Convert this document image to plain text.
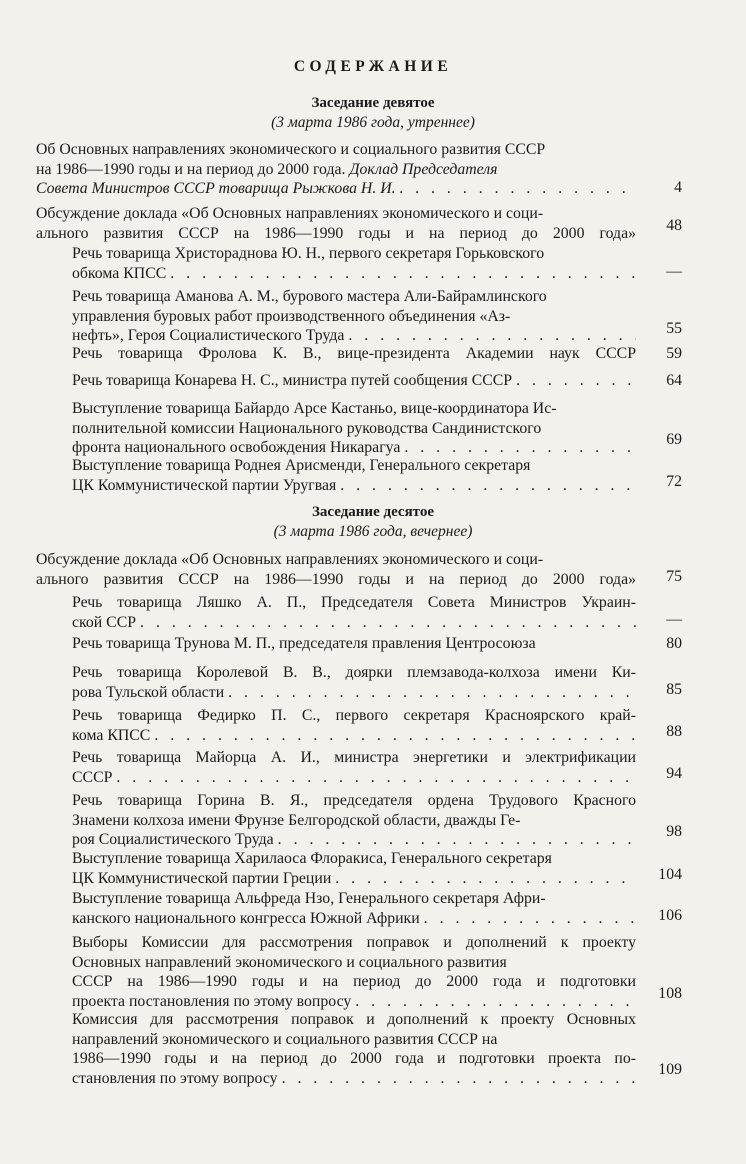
СОДЕРЖАНИЕ
Заседание девятое
(3 марта 1986 года, утреннее)
Об Основных направлениях экономического и социального развития СССР
на 1986—1990 годы и на период до 2000 года. Доклад Председателя
Совета Министров СССР товарища Рыжкова Н. И. . . .	4
Обсуждение доклада «Об Основных направлениях экономического и соци-
ального развития СССР на 1986—1990 годы и на период до 2000 года»	48
Речь товарища Христораднова Ю. Н., первого секретаря Горьковского
обкома КПСС . . .	—
Речь товарища Аманова А. М., бурового мастера Али-Байрамлинского
управления буровых работ производственного объединения «Аз-
нефть», Героя Социалистического Труда . . .	55
Речь товарища Фролова К. В., вице-президента Академии наук СССР	59
Речь товарища Конарева Н. С., министра путей сообщения СССР . . .	64
Выступление товарища Байардо Арсе Кастаньо, вице-координатора Ис-
полнительной комиссии Национального руководства Сандинистского
фронта национального освобождения Никарагуа . . .	69
Выступление товарища Роднея Арисменди, Генерального секретаря
ЦК Коммунистической партии Уругвая . . .	72
Заседание десятое
(3 марта 1986 года, вечернее)
Обсуждение доклада «Об Основных направлениях экономического и соци-
ального развития СССР на 1986—1990 годы и на период до 2000 года»	75
Речь товарища Ляшко А. П., Председателя Совета Министров Украин-
ской ССР . . .	—
Речь товарища Трунова М. П., председателя правления Центросоюза	80
Речь товарища Королевой В. В., доярки племзавода-колхоза имени Ки-
рова Тульской области . . .	85
Речь товарища Федирко П. С., первого секретаря Красноярского край-
кома КПСС . . .	88
Речь товарища Майорца А. И., министра энергетики и электрификации
СССР . . .	94
Речь товарища Горина В. Я., председателя ордена Трудового Красного
Знамени колхоза имени Фрунзе Белгородской области, дважды Ге-
роя Социалистического Труда . . .	98
Выступление товарища Харилаоса Флоракиса, Генерального секретаря
ЦК Коммунистической партии Греции . . .	104
Выступление товарища Альфреда Нзо, Генерального секретаря Афри-
канского национального конгресса Южной Африки . . .	106
Выборы Комиссии для рассмотрения поправок и дополнений к проекту
Основных направлений экономического и социального развития
СССР на 1986—1990 годы и на период до 2000 года и подготовки
проекта постановления по этому вопросу . . .	108
Комиссия для рассмотрения поправок и дополнений к проекту Основных
направлений экономического и социального развития СССР на
1986—1990 годы и на период до 2000 года и подготовки проекта по-
становления по этому вопросу . . .	109
